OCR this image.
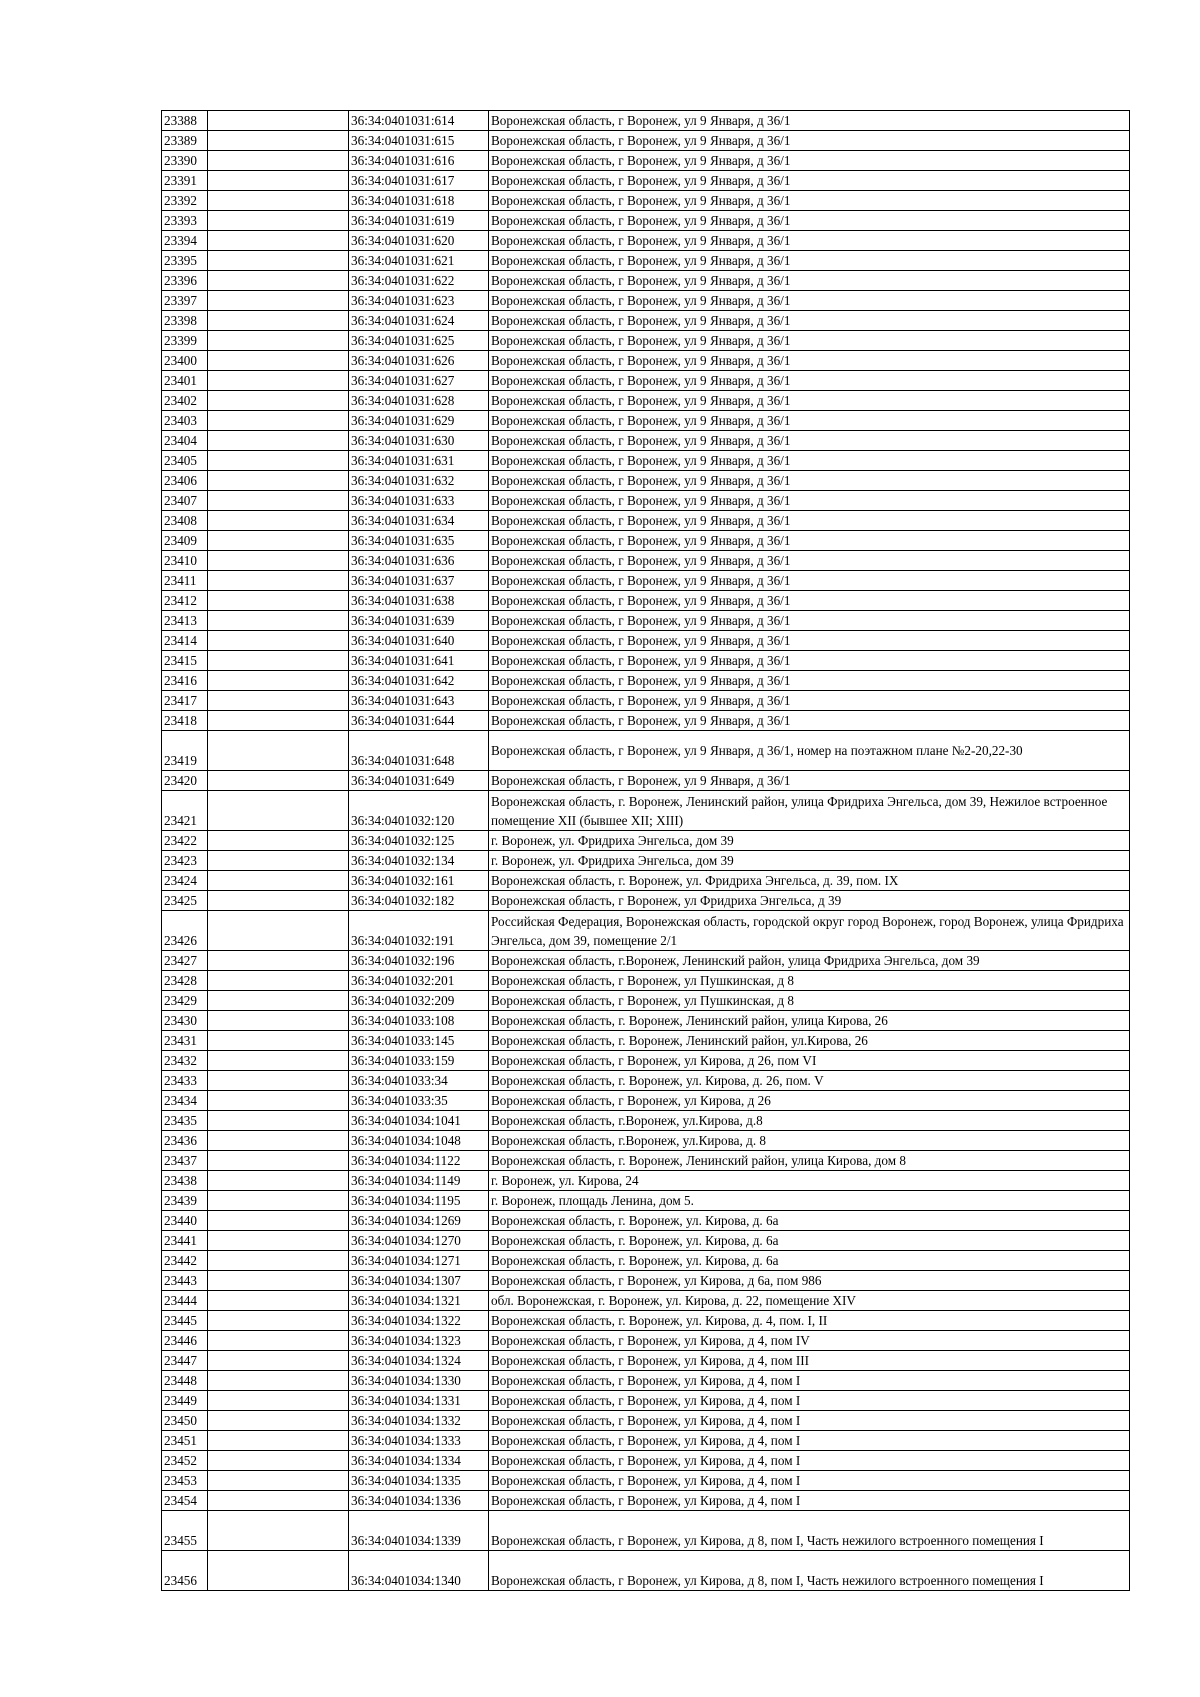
23388		36:34:0401031:614	Воронежская область, г Воронеж, ул 9 Января, д 36/1
23389		36:34:0401031:615	Воронежская область, г Воронеж, ул 9 Января, д 36/1
23390		36:34:0401031:616	Воронежская область, г Воронеж, ул 9 Января, д 36/1
23391		36:34:0401031:617	Воронежская область, г Воронеж, ул 9 Января, д 36/1
23392		36:34:0401031:618	Воронежская область, г Воронеж, ул 9 Января, д 36/1
23393		36:34:0401031:619	Воронежская область, г Воронеж, ул 9 Января, д 36/1
23394		36:34:0401031:620	Воронежская область, г Воронеж, ул 9 Января, д 36/1
23395		36:34:0401031:621	Воронежская область, г Воронеж, ул 9 Января, д 36/1
23396		36:34:0401031:622	Воронежская область, г Воронеж, ул 9 Января, д 36/1
23397		36:34:0401031:623	Воронежская область, г Воронеж, ул 9 Января, д 36/1
23398		36:34:0401031:624	Воронежская область, г Воронеж, ул 9 Января, д 36/1
23399		36:34:0401031:625	Воронежская область, г Воронеж, ул 9 Января, д 36/1
23400		36:34:0401031:626	Воронежская область, г Воронеж, ул 9 Января, д 36/1
23401		36:34:0401031:627	Воронежская область, г Воронеж, ул 9 Января, д 36/1
23402		36:34:0401031:628	Воронежская область, г Воронеж, ул 9 Января, д 36/1
23403		36:34:0401031:629	Воронежская область, г Воронеж, ул 9 Января, д 36/1
23404		36:34:0401031:630	Воронежская область, г Воронеж, ул 9 Января, д 36/1
23405		36:34:0401031:631	Воронежская область, г Воронеж, ул 9 Января, д 36/1
23406		36:34:0401031:632	Воронежская область, г Воронеж, ул 9 Января, д 36/1
23407		36:34:0401031:633	Воронежская область, г Воронеж, ул 9 Января, д 36/1
23408		36:34:0401031:634	Воронежская область, г Воронеж, ул 9 Января, д 36/1
23409		36:34:0401031:635	Воронежская область, г Воронеж, ул 9 Января, д 36/1
23410		36:34:0401031:636	Воронежская область, г Воронеж, ул 9 Января, д 36/1
23411		36:34:0401031:637	Воронежская область, г Воронеж, ул 9 Января, д 36/1
23412		36:34:0401031:638	Воронежская область, г Воронеж, ул 9 Января, д 36/1
23413		36:34:0401031:639	Воронежская область, г Воронеж, ул 9 Января, д 36/1
23414		36:34:0401031:640	Воронежская область, г Воронеж, ул 9 Января, д 36/1
23415		36:34:0401031:641	Воронежская область, г Воронеж, ул 9 Января, д 36/1
23416		36:34:0401031:642	Воронежская область, г Воронеж, ул 9 Января, д 36/1
23417		36:34:0401031:643	Воронежская область, г Воронеж, ул 9 Января, д 36/1
23418		36:34:0401031:644	Воронежская область, г Воронеж, ул 9 Января, д 36/1
23419		36:34:0401031:648	Воронежская область, г Воронеж, ул 9 Января, д 36/1, номер на поэтажном плане №2-20,22-30
23420		36:34:0401031:649	Воронежская область, г Воронеж, ул 9 Января, д 36/1
23421		36:34:0401032:120	Воронежская область, г. Воронеж, Ленинский район, улица Фридриха Энгельса, дом 39, Нежилое встроенное помещение XII (бывшее XII; XIII)
23422		36:34:0401032:125	г. Воронеж, ул. Фридриха Энгельса, дом 39
23423		36:34:0401032:134	г. Воронеж, ул. Фридриха Энгельса, дом 39
23424		36:34:0401032:161	Воронежская область, г. Воронеж, ул. Фридриха Энгельса, д. 39, пом. IX
23425		36:34:0401032:182	Воронежская область, г Воронеж, ул Фридриха Энгельса, д 39
23426		36:34:0401032:191	Российская Федерация, Воронежская область, городской округ город Воронеж, город Воронеж, улица Фридриха Энгельса, дом 39, помещение 2/1
23427		36:34:0401032:196	Воронежская область, г.Воронеж, Ленинский район, улица Фридриха Энгельса, дом 39
23428		36:34:0401032:201	Воронежская область, г Воронеж, ул Пушкинская, д 8
23429		36:34:0401032:209	Воронежская область, г Воронеж, ул Пушкинская, д 8
23430		36:34:0401033:108	Воронежская область, г. Воронеж, Ленинский район, улица Кирова, 26
23431		36:34:0401033:145	Воронежская область, г. Воронеж, Ленинский район, ул.Кирова, 26
23432		36:34:0401033:159	Воронежская область, г Воронеж, ул Кирова, д 26, пом VI
23433		36:34:0401033:34	Воронежская область, г. Воронеж, ул. Кирова, д. 26, пом. V
23434		36:34:0401033:35	Воронежская область, г Воронеж, ул Кирова, д 26
23435		36:34:0401034:1041	Воронежская область, г.Воронеж, ул.Кирова, д.8
23436		36:34:0401034:1048	Воронежская область, г.Воронеж, ул.Кирова, д. 8
23437		36:34:0401034:1122	Воронежская область, г. Воронеж, Ленинский район, улица Кирова, дом 8
23438		36:34:0401034:1149	г. Воронеж, ул. Кирова, 24
23439		36:34:0401034:1195	г. Воронеж, площадь Ленина, дом 5.
23440		36:34:0401034:1269	Воронежская область, г. Воронеж, ул. Кирова, д. 6а
23441		36:34:0401034:1270	Воронежская область, г. Воронеж, ул. Кирова, д. 6а
23442		36:34:0401034:1271	Воронежская область, г. Воронеж, ул. Кирова, д. 6а
23443		36:34:0401034:1307	Воронежская область, г Воронеж, ул Кирова, д 6а, пом 986
23444		36:34:0401034:1321	обл. Воронежская, г. Воронеж, ул. Кирова, д. 22, помещение XIV
23445		36:34:0401034:1322	Воронежская область, г. Воронеж, ул. Кирова, д. 4, пом. I, II
23446		36:34:0401034:1323	Воронежская область, г Воронеж, ул Кирова, д 4, пом IV
23447		36:34:0401034:1324	Воронежская область, г Воронеж, ул Кирова, д 4, пом III
23448		36:34:0401034:1330	Воронежская область, г Воронеж, ул Кирова, д 4, пом I
23449		36:34:0401034:1331	Воронежская область, г Воронеж, ул Кирова, д 4, пом I
23450		36:34:0401034:1332	Воронежская область, г Воронеж, ул Кирова, д 4, пом I
23451		36:34:0401034:1333	Воронежская область, г Воронеж, ул Кирова, д 4, пом I
23452		36:34:0401034:1334	Воронежская область, г Воронеж, ул Кирова, д 4, пом I
23453		36:34:0401034:1335	Воронежская область, г Воронеж, ул Кирова, д 4, пом I
23454		36:34:0401034:1336	Воронежская область, г Воронеж, ул Кирова, д 4, пом I
23455		36:34:0401034:1339	Воронежская область, г Воронеж, ул Кирова, д 8, пом I, Часть нежилого встроенного помещения I
23456		36:34:0401034:1340	Воронежская область, г Воронеж, ул Кирова, д 8, пом I, Часть нежилого встроенного помещения I
